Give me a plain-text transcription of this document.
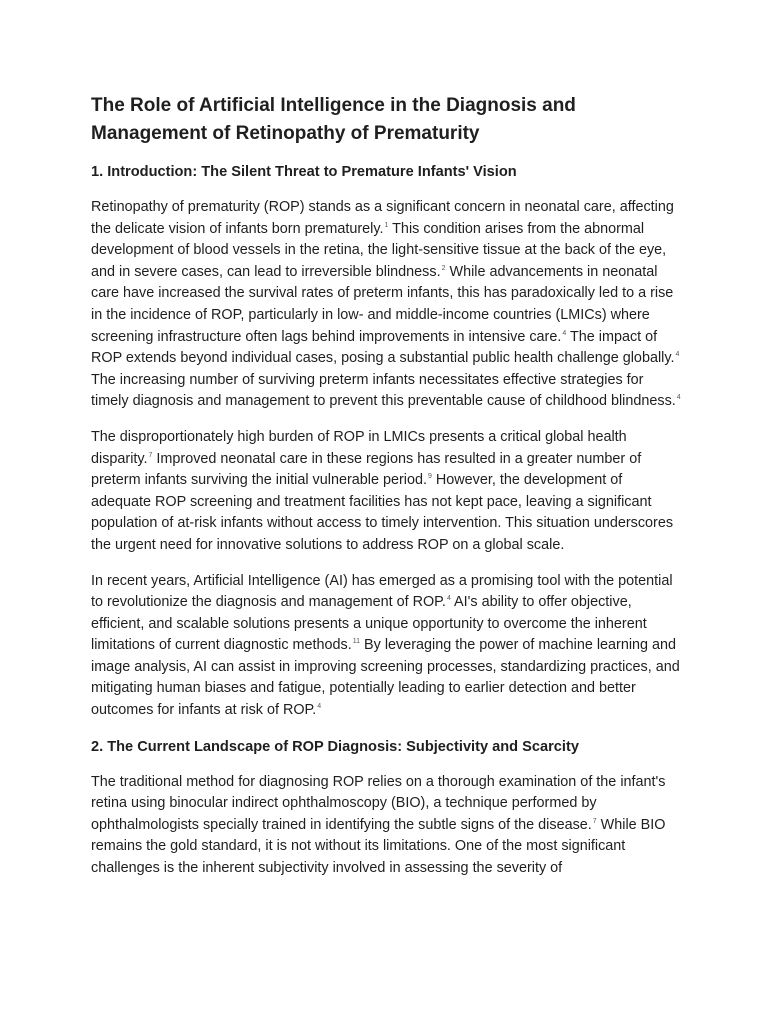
The Role of Artificial Intelligence in the Diagnosis and Management of Retinopathy of Prematurity
1. Introduction: The Silent Threat to Premature Infants' Vision

Retinopathy of prematurity (ROP) stands as a significant concern in neonatal care, affecting the delicate vision of infants born prematurely.$^1$ This condition arises from the abnormal development of blood vessels in the retina, the light-sensitive tissue at the back of the eye, and in severe cases, can lead to irreversible blindness.$^2$ While advancements in neonatal care have increased the survival rates of preterm infants, this has paradoxically led to a rise in the incidence of ROP, particularly in low- and middle-income countries (LMICs) where screening infrastructure often lags behind improvements in intensive care.$^4$ The impact of ROP extends beyond individual cases, posing a substantial public health challenge globally.$^4$ The increasing number of surviving preterm infants necessitates effective strategies for timely diagnosis and management to prevent this preventable cause of childhood blindness.$^4$

The disproportionately high burden of ROP in LMICs presents a critical global health disparity.$^7$ Improved neonatal care in these regions has resulted in a greater number of preterm infants surviving the initial vulnerable period.$^9$ However, the development of adequate ROP screening and treatment facilities has not kept pace, leaving a significant population of at-risk infants without access to timely intervention. This situation underscores the urgent need for innovative solutions to address ROP on a global scale.

In recent years, Artificial Intelligence (AI) has emerged as a promising tool with the potential to revolutionize the diagnosis and management of ROP.$^4$ AI's ability to offer objective, efficient, and scalable solutions presents a unique opportunity to overcome the inherent limitations of current diagnostic methods.$^{11}$ By leveraging the power of machine learning and image analysis, AI can assist in improving screening processes, standardizing practices, and mitigating human biases and fatigue, potentially leading to earlier detection and better outcomes for infants at risk of ROP.$^4$

2. The Current Landscape of ROP Diagnosis: Subjectivity and Scarcity

The traditional method for diagnosing ROP relies on a thorough examination of the infant's retina using binocular indirect ophthalmoscopy (BIO), a technique performed by ophthalmologists specially trained in identifying the subtle signs of the disease.$^7$ While BIO remains the gold standard, it is not without its limitations. One of the most significant challenges is the inherent subjectivity involved in assessing the severity of
